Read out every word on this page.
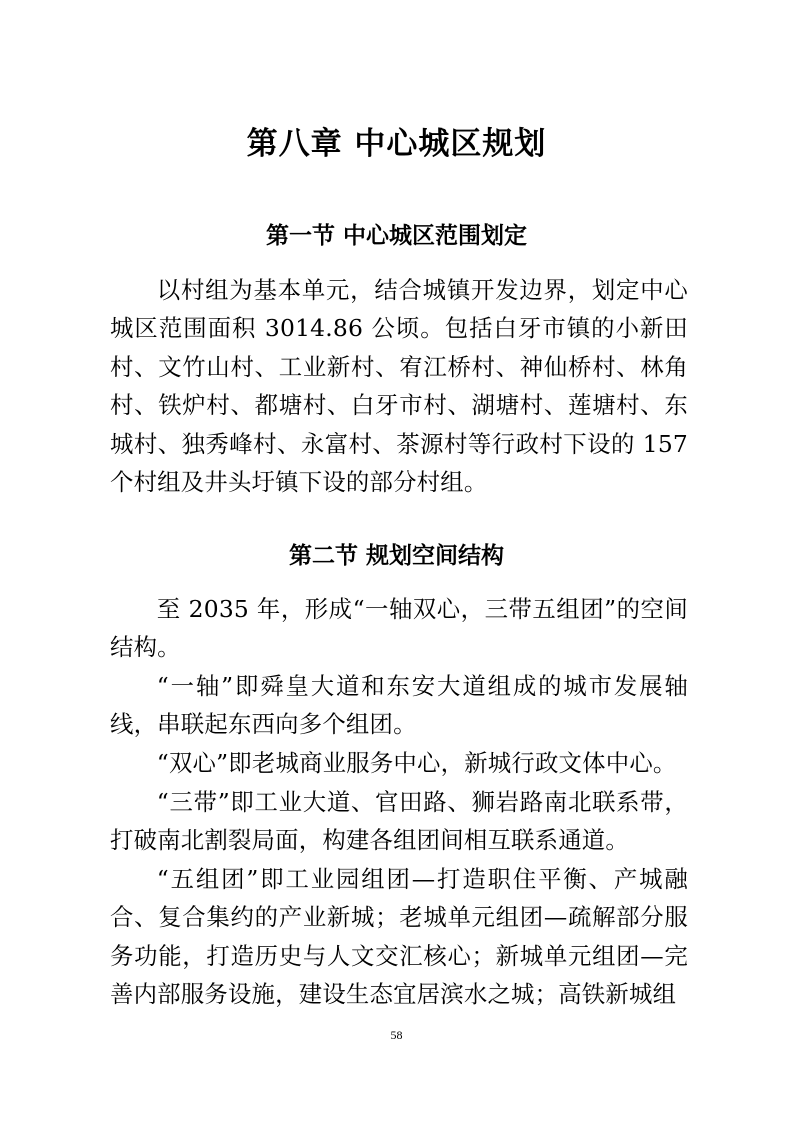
第八章 中心城区规划
第一节 中心城区范围划定

以村组为基本单元，结合城镇开发边界，划定中心城区范围面积 3014.86 公顷。包括白牙市镇的小新田村、文竹山村、工业新村、宥江桥村、神仙桥村、林角村、铁炉村、都塘村、白牙市村、湖塘村、莲塘村、东城村、独秀峰村、永富村、茶源村等行政村下设的 157 个村组及井头圩镇下设的部分村组。

第二节 规划空间结构

至 2035 年，形成“一轴双心，三带五组团”的空间结构。

“一轴”即舜皇大道和东安大道组成的城市发展轴线，串联起东西向多个组团。

“双心”即老城商业服务中心，新城行政文体中心。

“三带”即工业大道、官田路、狮岩路南北联系带，打破南北割裂局面，构建各组团间相互联系通道。

“五组团”即工业园组团—打造职住平衡、产城融合、复合集约的产业新城；老城单元组团—疏解部分服务功能，打造历史与人文交汇核心；新城单元组团—完善内部服务设施，建设生态宜居滨水之城；高铁新城组

58
